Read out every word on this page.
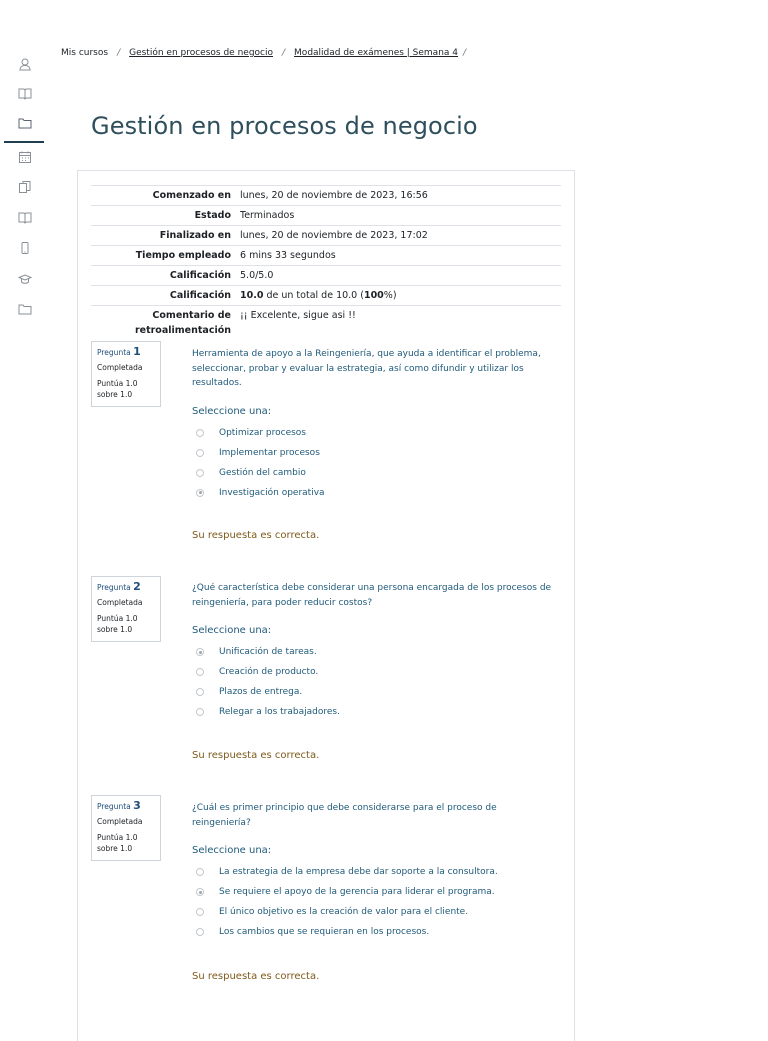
Mis cursos / Gestión en procesos de negocio / Modalidad de exámenes | Semana 4 /
Gestión en procesos de negocio
Comenzado en	lunes, 20 de noviembre de 2023, 16:56
Estado	Terminados
Finalizado en	lunes, 20 de noviembre de 2023, 17:02
Tiempo empleado	6 mins 33 segundos
Calificación	5.0/5.0
Calificación	10.0 de un total de 10.0 (100%)
Comentario de retroalimentación	¡¡ Excelente, sigue asi !!
Pregunta 1
Completada
Puntúa 1.0 sobre 1.0
Herramienta de apoyo a la Reingeniería, que ayuda a identificar el problema, seleccionar, probar y evaluar la estrategia, así como difundir y utilizar los resultados.
Seleccione una:
Optimizar procesos
Implementar procesos
Gestión del cambio
Investigación operativa
Su respuesta es correcta.
Pregunta 2
Completada
Puntúa 1.0 sobre 1.0
¿Qué característica debe considerar una persona encargada de los procesos de reingeniería, para poder reducir costos?
Seleccione una:
Unificación de tareas.
Creación de producto.
Plazos de entrega.
Relegar a los trabajadores.
Su respuesta es correcta.
Pregunta 3
Completada
Puntúa 1.0 sobre 1.0
¿Cuál es primer principio que debe considerarse para el proceso de reingeniería?
Seleccione una:
La estrategia de la empresa debe dar soporte a la consultora.
Se requiere el apoyo de la gerencia para liderar el programa.
El único objetivo es la creación de valor para el cliente.
Los cambios que se requieran en los procesos.
Su respuesta es correcta.
